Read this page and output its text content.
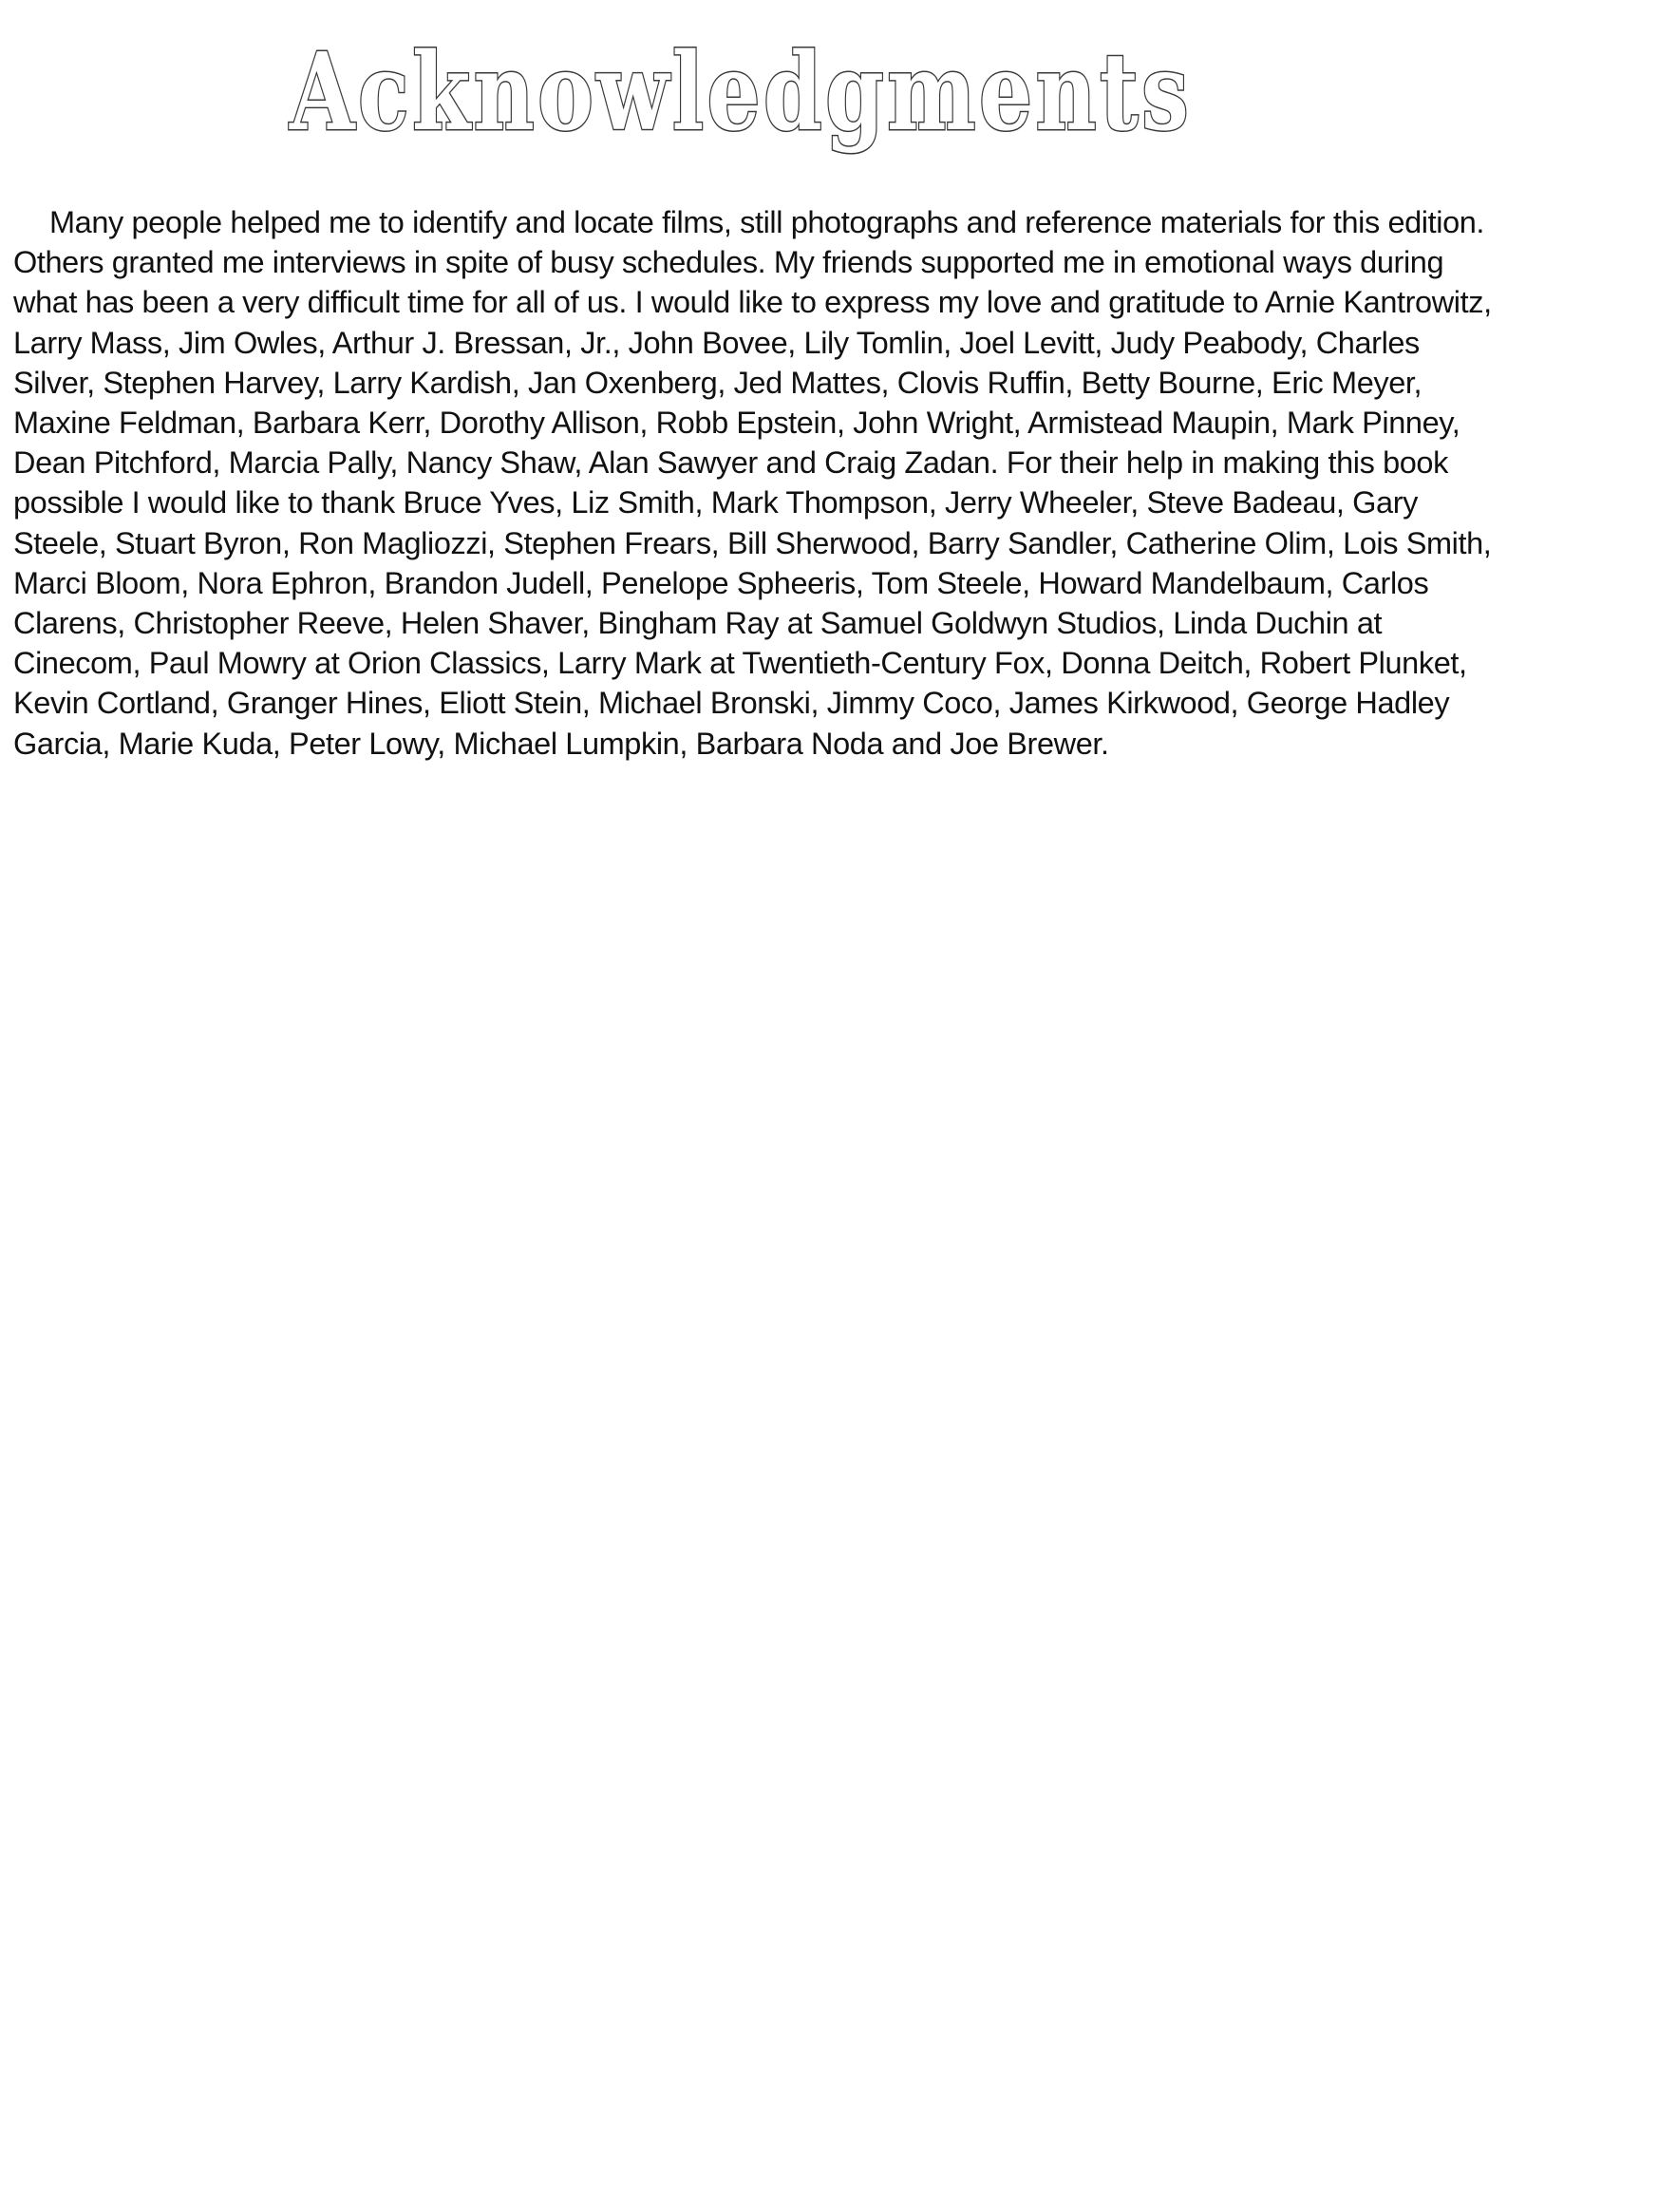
Acknowledgments

Many people helped me to identify and locate films, still photographs and reference materials for this edition. Others granted me interviews in spite of busy schedules. My friends supported me in emotional ways during what has been a very difficult time for all of us. I would like to express my love and gratitude to Arnie Kantrowitz, Larry Mass, Jim Owles, Arthur J. Bressan, Jr., John Bovee, Lily Tomlin, Joel Levitt, Judy Peabody, Charles Silver, Stephen Harvey, Larry Kardish, Jan Oxenberg, Jed Mattes, Clovis Ruffin, Betty Bourne, Eric Meyer, Maxine Feldman, Barbara Kerr, Dorothy Allison, Robb Epstein, John Wright, Armistead Maupin, Mark Pinney, Dean Pitchford, Marcia Pally, Nancy Shaw, Alan Sawyer and Craig Zadan. For their help in making this book possible I would like to thank Bruce Yves, Liz Smith, Mark Thompson, Jerry Wheeler, Steve Badeau, Gary Steele, Stuart Byron, Ron Magliozzi, Stephen Frears, Bill Sherwood, Barry Sandler, Catherine Olim, Lois Smith, Marci Bloom, Nora Ephron, Brandon Judell, Penelope Spheeris, Tom Steele, Howard Mandelbaum, Carlos Clarens, Christopher Reeve, Helen Shaver, Bingham Ray at Samuel Goldwyn Studios, Linda Duchin at Cinecom, Paul Mowry at Orion Classics, Larry Mark at Twentieth-Century Fox, Donna Deitch, Robert Plunket, Kevin Cortland, Granger Hines, Eliott Stein, Michael Bronski, Jimmy Coco, James Kirkwood, George Hadley Garcia, Marie Kuda, Peter Lowy, Michael Lumpkin, Barbara Noda and Joe Brewer.
